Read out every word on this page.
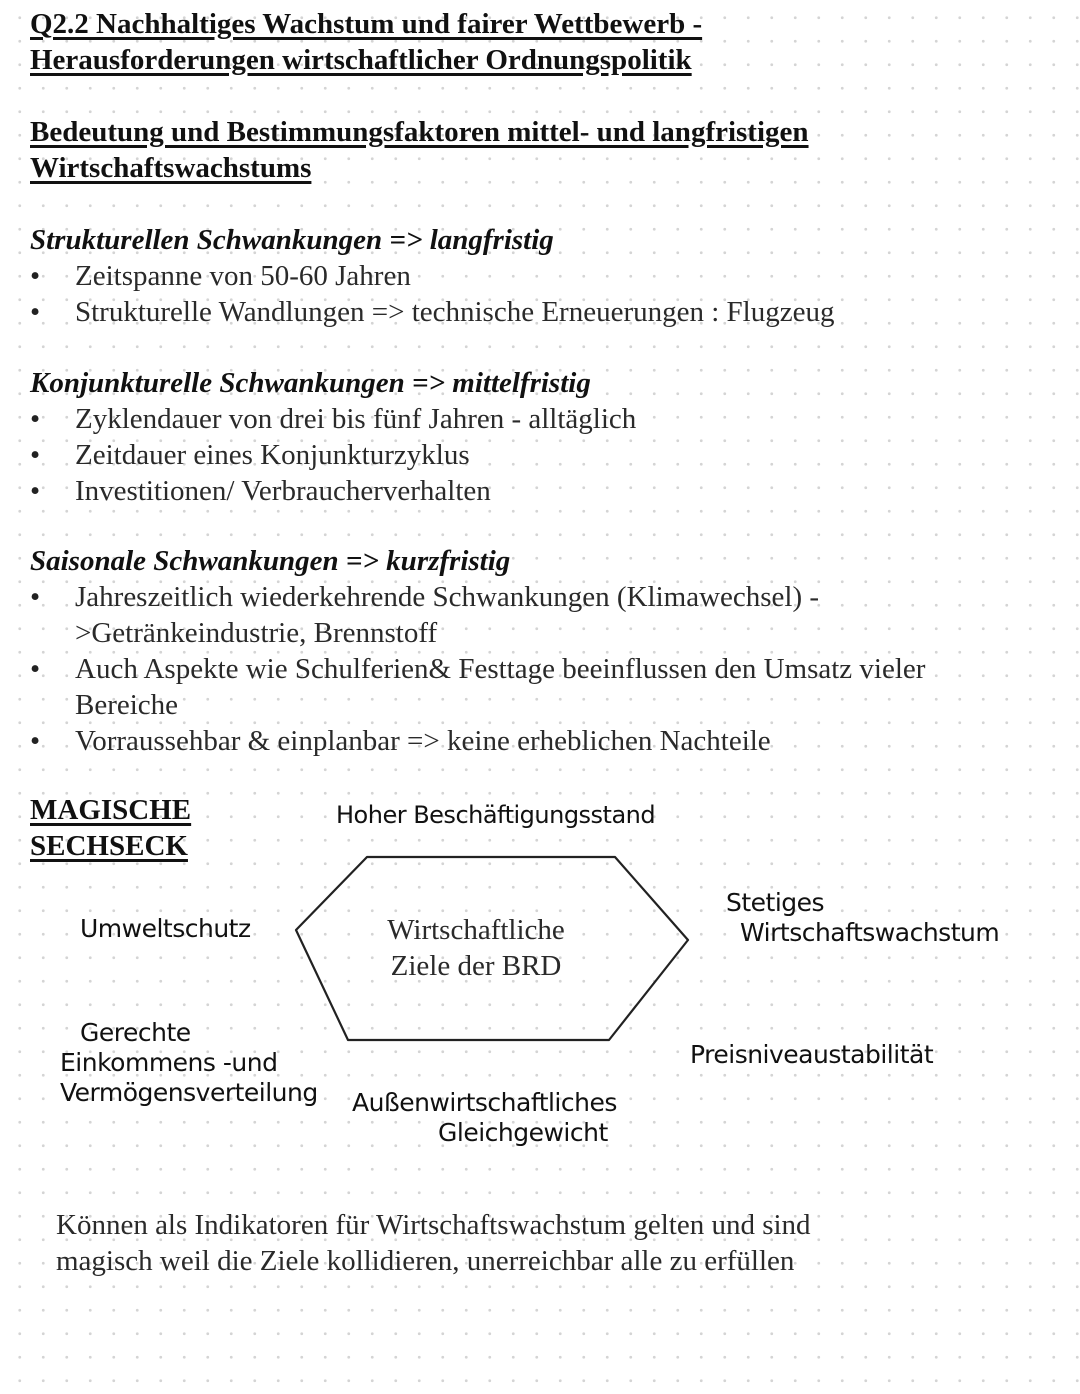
Q2.2 Nachhaltiges Wachstum und fairer Wettbewerb -
Herausforderungen wirtschaftlicher Ordnungspolitik
Bedeutung und Bestimmungsfaktoren mittel- und langfristigen
Wirtschaftswachstums
Strukturellen Schwankungen => langfristig
• Zeitspanne von 50-60 Jahren
• Strukturelle Wandlungen => technische Erneuerungen : Flugzeug
Konjunkturelle Schwankungen => mittelfristig
• Zyklendauer von drei bis fünf Jahren - alltäglich
• Zeitdauer eines Konjunkturzyklus
• Investitionen/ Verbraucherverhalten
Saisonale Schwankungen => kurzfristig
• Jahreszeitlich wiederkehrende Schwankungen (Klimawechsel) ->Getränkeindustrie, Brennstoff
• Auch Aspekte wie Schulferien& Festtage beeinflussen den Umsatz vieler Bereiche
• Vorraussehbar & einplanbar => keine erheblichen Nachteile
MAGISCHE
SECHSECK
Wirtschaftliche
Ziele der BRD
Hoher Beschäftigungsstand
Stetiges
Wirtschaftswachstum
Preisniveaustabilität
Außenwirtschaftliches
Gleichgewicht
Gerechte
Einkommens -und
Vermögensverteilung
Umweltschutz
Können als Indikatoren für Wirtschaftswachstum gelten und sind magisch weil die Ziele kollidieren, unerreichbar alle zu erfüllen
